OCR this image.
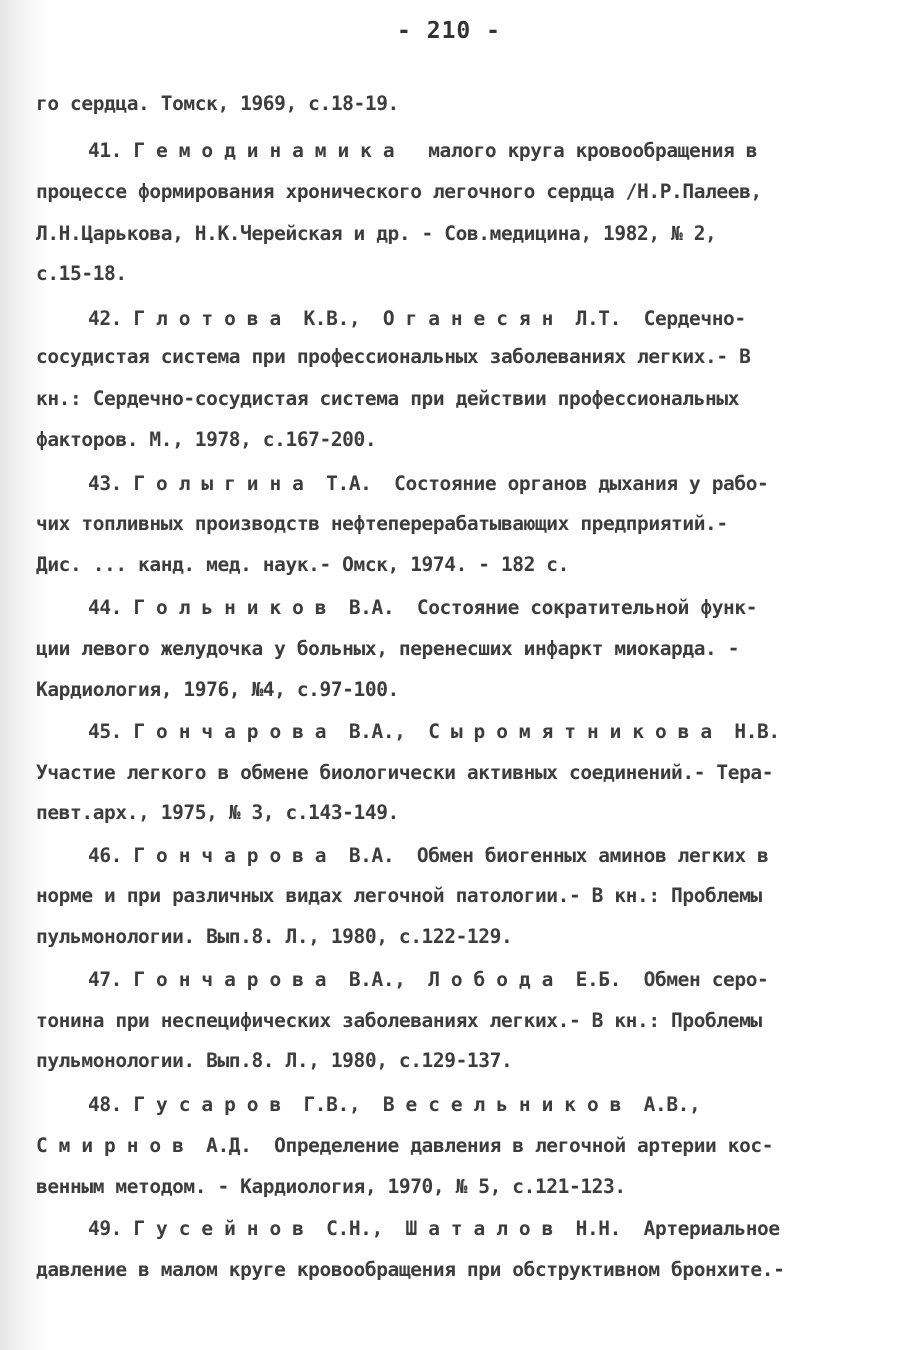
- 210 -
го сердца. Томск, 1969, с.18-19.
41. Г е м о д и н а м и к а   малого круга кровообращения в
процессе формирования хронического легочного сердца /Н.Р.Палеев,
Л.Н.Царькова, Н.К.Черейская и др. - Сов.медицина, 1982, № 2,
с.15-18.
42. Г л о т о в а  К.В.,  О г а н е с я н  Л.Т.  Сердечно-
сосудистая система при профессиональных заболеваниях легких.- В
кн.: Сердечно-сосудистая система при действии профессиональных
факторов. М., 1978, с.167-200.
43. Г о л ы г и н а  Т.А.  Состояние органов дыхания у рабо-
чих топливных производств нефтеперерабатывающих предприятий.-
Дис. ... канд. мед. наук.- Омск, 1974. - 182 с.
44. Г о л ь н и к о в  В.А.  Состояние сократительной функ-
ции левого желудочка у больных, перенесших инфаркт миокарда. -
Кардиология, 1976, №4, с.97-100.
45. Г о н ч а р о в а  В.А.,  С ы р о м я т н и к о в а  Н.В.
Участие легкого в обмене биологически активных соединений.- Тера-
певт.арх., 1975, № 3, с.143-149.
46. Г о н ч а р о в а  В.А.  Обмен биогенных аминов легких в
норме и при различных видах легочной патологии.- В кн.: Проблемы
пульмонологии. Вып.8. Л., 1980, с.122-129.
47. Г о н ч а р о в а  В.А.,  Л о б о д а  Е.Б.  Обмен серо-
тонина при неспецифических заболеваниях легких.- В кн.: Проблемы
пульмонологии. Вып.8. Л., 1980, с.129-137.
48. Г у с а р о в  Г.В.,  В е с е л ь н и к о в  А.В.,
С м и р н о в  А.Д.  Определение давления в легочной артерии кос-
венным методом. - Кардиология, 1970, № 5, с.121-123.
49. Г у с е й н о в  С.Н.,  Ш а т а л о в  Н.Н.  Артериальное
давление в малом круге кровообращения при обструктивном бронхите.-
